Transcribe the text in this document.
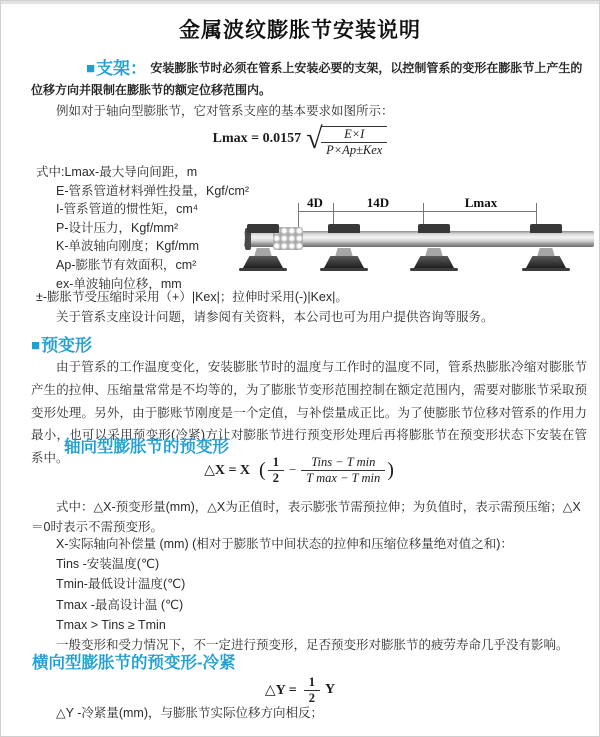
金属波纹膨胀节安装说明
■支架： 安装膨胀节时必须在管系上安装必要的支架，以控制管系的变形在膨胀节上产生的位移方向并限制在膨胀节的额定位移范围内。
例如对于轴向型膨胀节，它对管系支座的基本要求如图所示：
Lmax = 0.0157 √ $\frac{E\times I}{\text{P×Ap±Kex}}$
式中:Lmax-最大导向间距，m
E-管系管道材料弹性投量，Kgf/cm²
I-管系管道的惯性矩，cm⁴
P-设计压力，Kgf/mm²
K-单波轴向刚度；Kgf/mm
Ap-膨胀节有效面积，cm²
ex-单波轴向位移，mm
4D	14D	Lmax
±-膨胀节受压缩时采用（+）|Kex|；拉伸时采用(-)|Kex|。
关于管系支座设计问题，请参阅有关资料，本公司也可为用户提供咨询等服务。
■预变形
由于管系的工作温度变化，安装膨胀节时的温度与工作时的温度不同，管系热膨胀冷缩对膨胀节产生的拉伸、压缩量常常是不均等的，为了膨胀节变形范围控制在额定范围内，需要对膨胀节采取预变形处理。另外，由于膨账节刚度是一个定值，与补偿量成正比。为了使膨胀节位移对管系的作用力最小，也可以采用预变形(冷紧)方让对膨胀节进行预变形处理后再将膨胀节在预变形状态下安装在管系中。
轴向型膨胀节的预变形
△X = X ( $\frac{1}{2} - \frac{\text{Tins − T min}}{\text{T max − T min}}$ )
式中：△X-预变形量(mm)，△X为正值时，表示膨张节需预拉伸；为负值时，表示需预压缩；△X＝0时表示不需预变形。
X-实际轴向补偿量 (mm) (相对于膨胀节中间状态的拉伸和压缩位移量绝对值之和)：
Tins -安装温度(℃)
Tmin-最低设计温度(℃)
Tmax -最高设计温 (℃)
Tmax > Tins ≥ Tmin
一般变形和受力情况下，不一定进行预变形，足否预变形对膨胀节的疲劳寿命几乎没有影响。
横向型膨胀节的预变形-冷紧
△Y = $\frac{1}{2}$ Y
△Y -冷紧量(mm)，与膨胀节实际位移方向相反；
